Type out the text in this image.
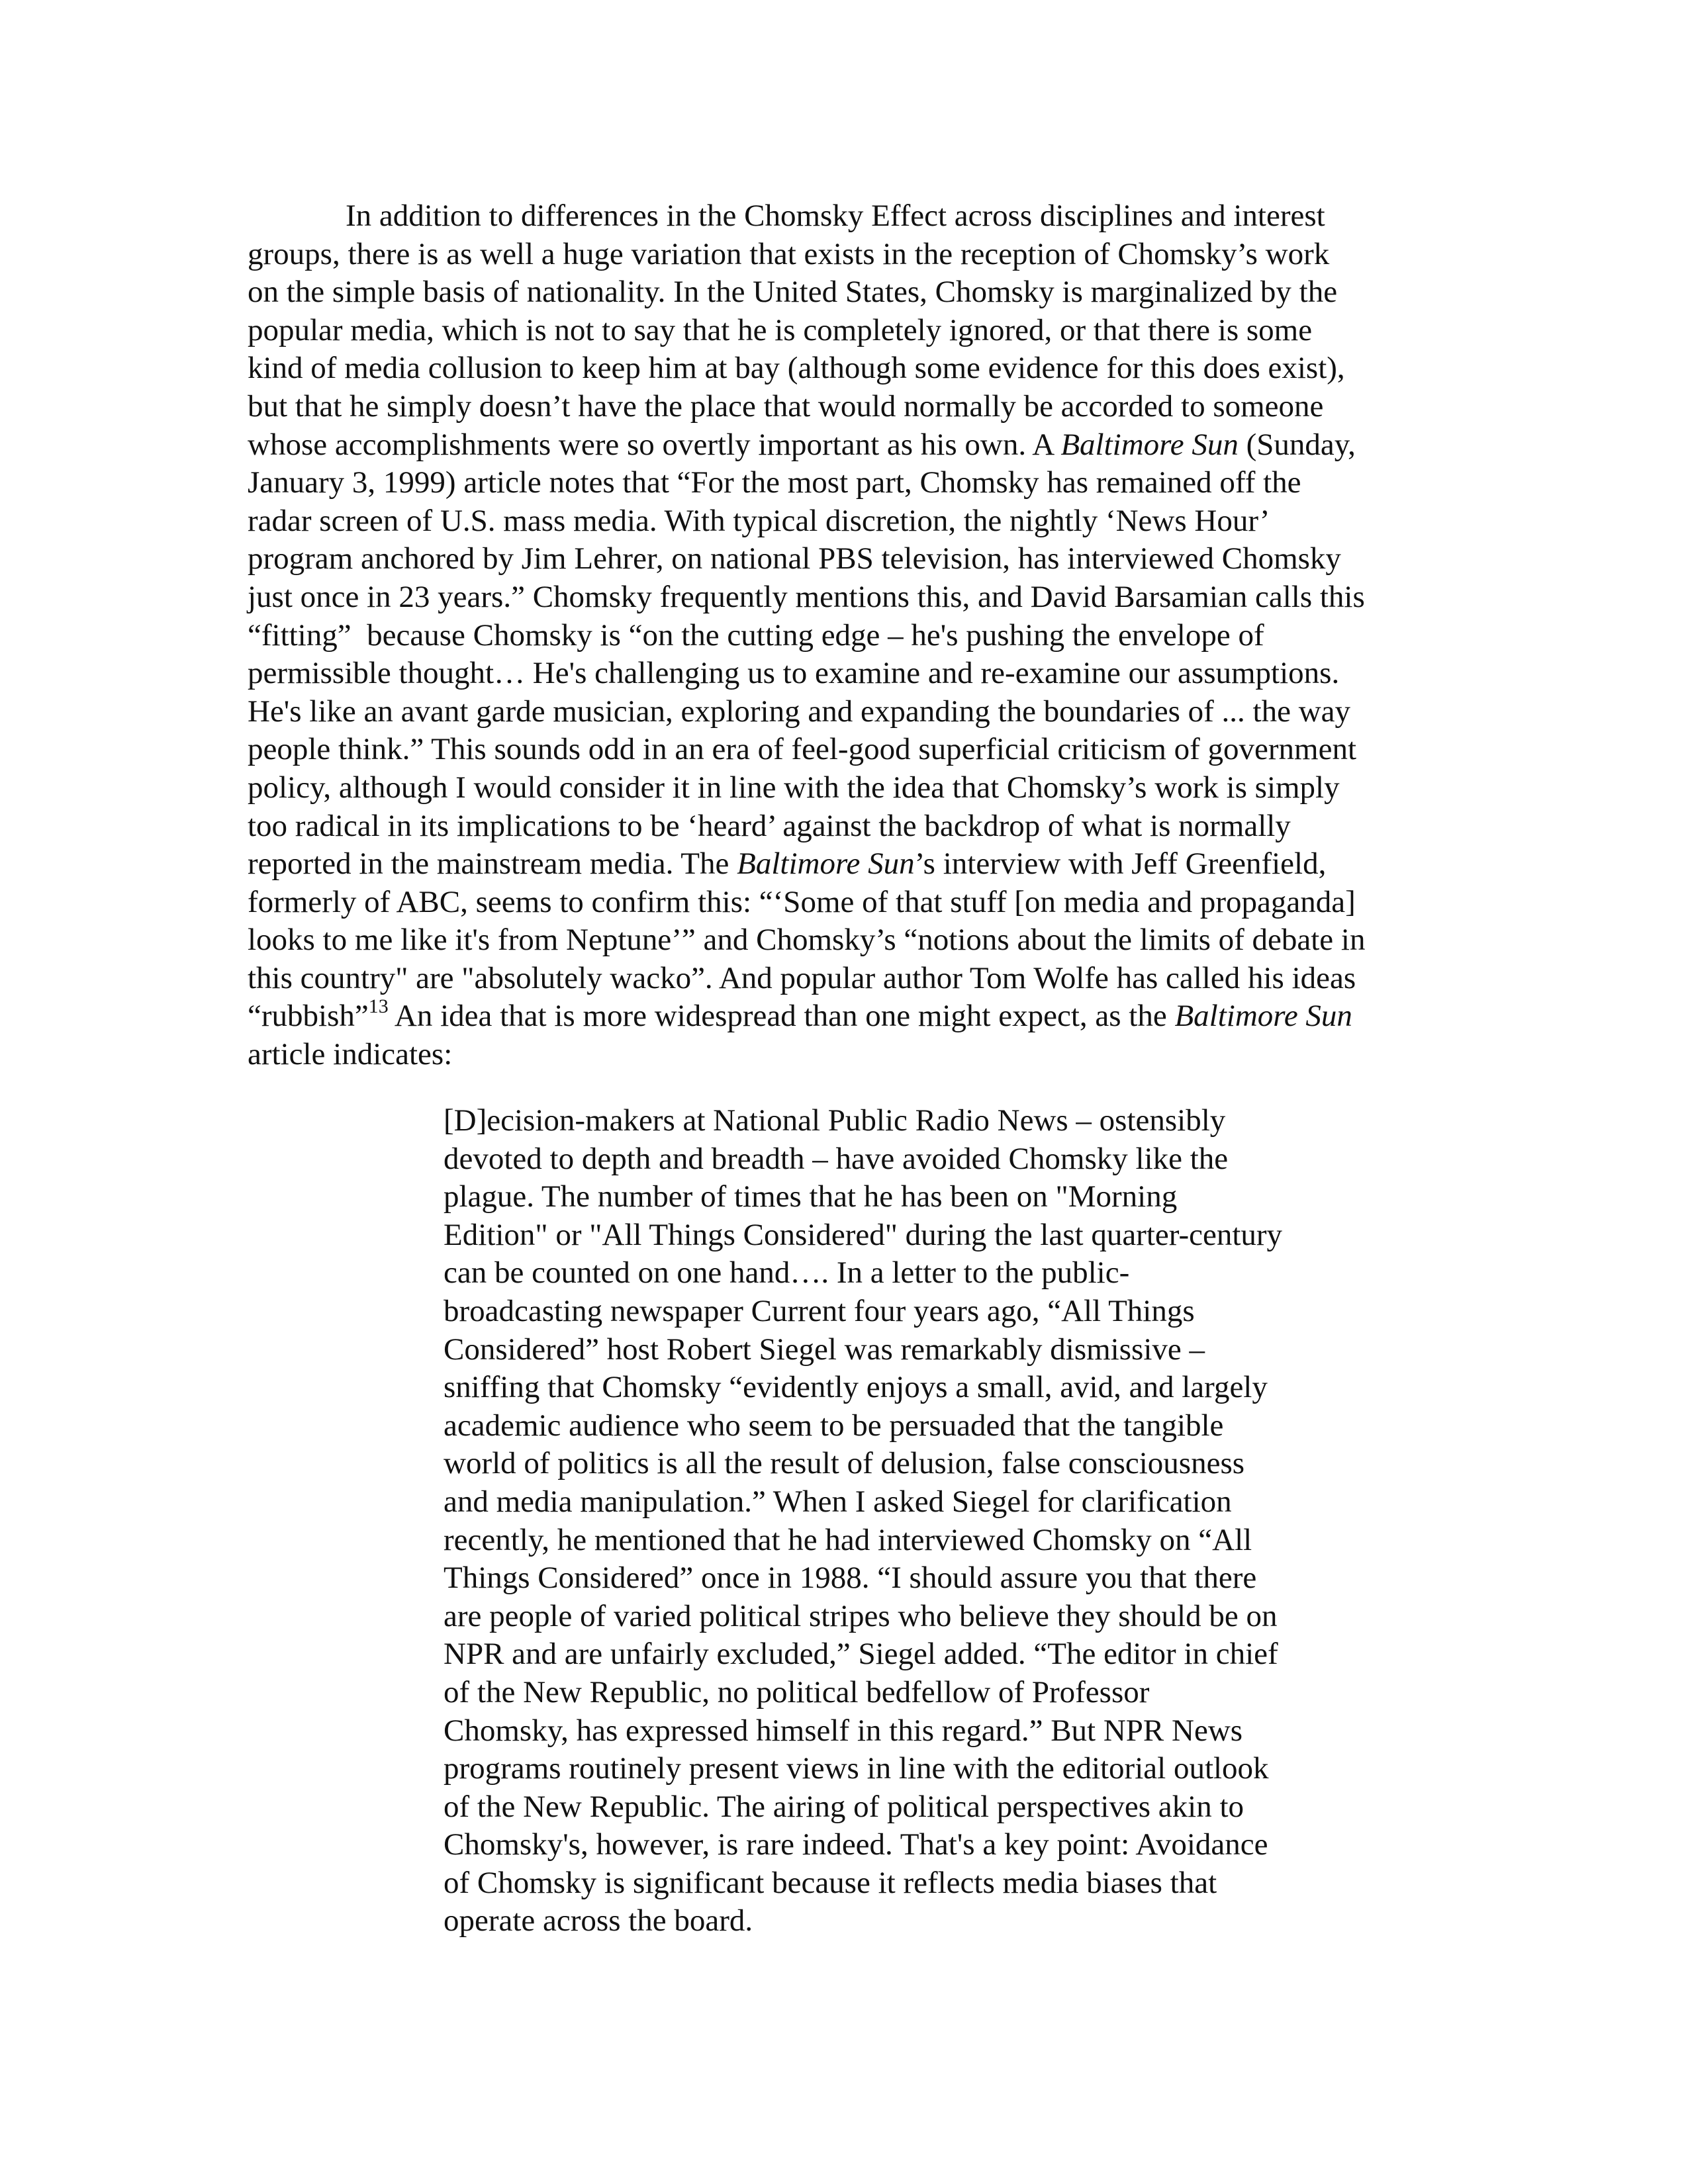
In addition to differences in the Chomsky Effect across disciplines and interest
groups, there is as well a huge variation that exists in the reception of Chomsky’s work
on the simple basis of nationality. In the United States, Chomsky is marginalized by the
popular media, which is not to say that he is completely ignored, or that there is some
kind of media collusion to keep him at bay (although some evidence for this does exist),
but that he simply doesn’t have the place that would normally be accorded to someone
whose accomplishments were so overtly important as his own. A Baltimore Sun (Sunday,
January 3, 1999) article notes that “For the most part, Chomsky has remained off the
radar screen of U.S. mass media. With typical discretion, the nightly ‘News Hour’
program anchored by Jim Lehrer, on national PBS television, has interviewed Chomsky
just once in 23 years.” Chomsky frequently mentions this, and David Barsamian calls this
“fitting”  because Chomsky is “on the cutting edge – he's pushing the envelope of
permissible thought… He's challenging us to examine and re-examine our assumptions.
He's like an avant garde musician, exploring and expanding the boundaries of ... the way
people think.” This sounds odd in an era of feel-good superficial criticism of government
policy, although I would consider it in line with the idea that Chomsky’s work is simply
too radical in its implications to be ‘heard’ against the backdrop of what is normally
reported in the mainstream media. The Baltimore Sun’s interview with Jeff Greenfield,
formerly of ABC, seems to confirm this: “‘Some of that stuff [on media and propaganda]
looks to me like it's from Neptune’” and Chomsky’s “notions about the limits of debate in
this country" are "absolutely wacko”. And popular author Tom Wolfe has called his ideas
“rubbish”$^{13}$ An idea that is more widespread than one might expect, as the Baltimore Sun
article indicates:

[D]ecision-makers at National Public Radio News – ostensibly
devoted to depth and breadth – have avoided Chomsky like the
plague. The number of times that he has been on "Morning
Edition" or "All Things Considered" during the last quarter-century
can be counted on one hand…. In a letter to the public-
broadcasting newspaper Current four years ago, “All Things
Considered” host Robert Siegel was remarkably dismissive –
sniffing that Chomsky “evidently enjoys a small, avid, and largely
academic audience who seem to be persuaded that the tangible
world of politics is all the result of delusion, false consciousness
and media manipulation.” When I asked Siegel for clarification
recently, he mentioned that he had interviewed Chomsky on “All
Things Considered” once in 1988. “I should assure you that there
are people of varied political stripes who believe they should be on
NPR and are unfairly excluded,” Siegel added. “The editor in chief
of the New Republic, no political bedfellow of Professor
Chomsky, has expressed himself in this regard.” But NPR News
programs routinely present views in line with the editorial outlook
of the New Republic. The airing of political perspectives akin to
Chomsky's, however, is rare indeed. That's a key point: Avoidance
of Chomsky is significant because it reflects media biases that
operate across the board.
